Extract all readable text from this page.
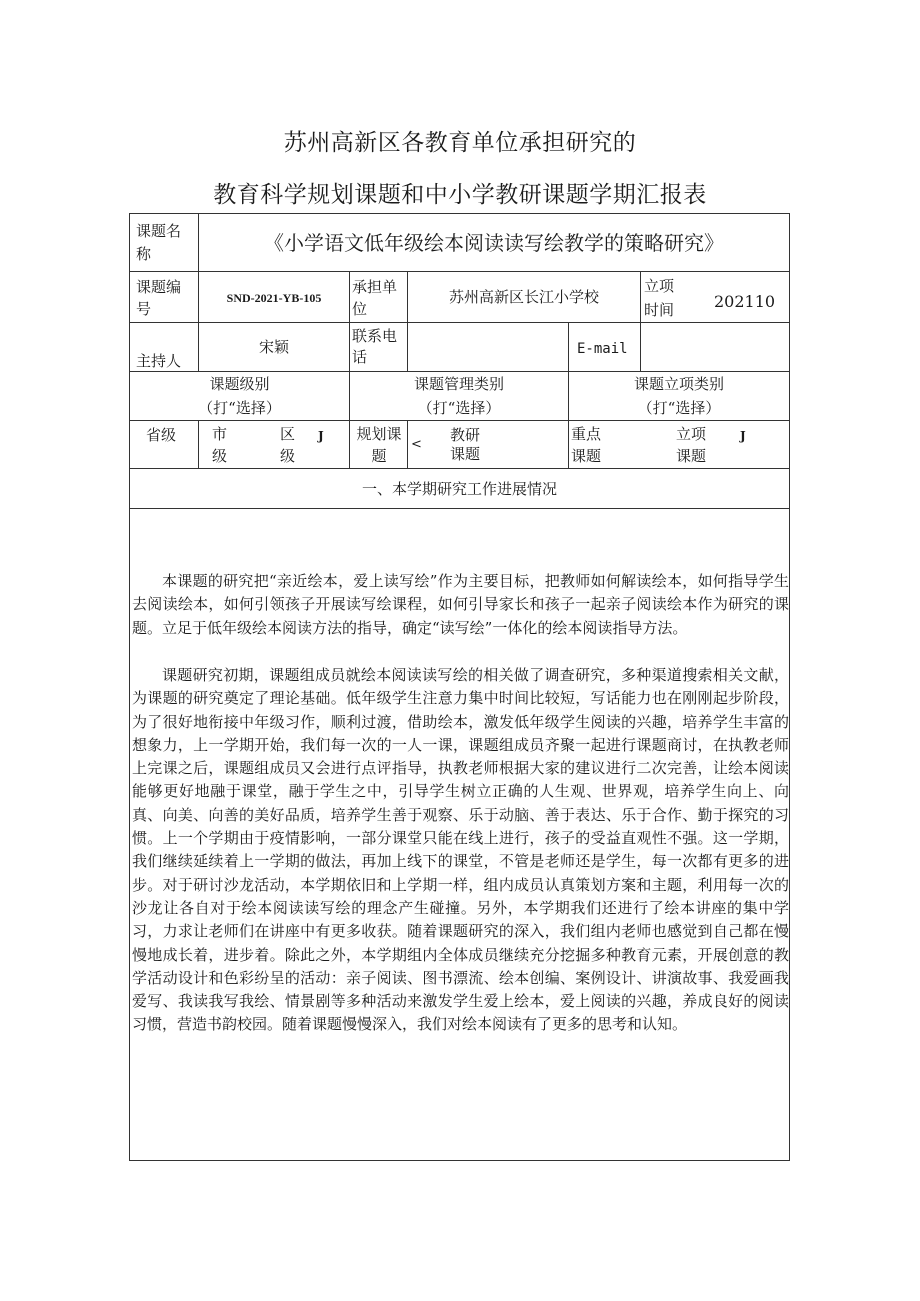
苏州高新区各教育单位承担研究的
教育科学规划课题和中小学教研课题学期汇报表
课题名称	《小学语文低年级绘本阅读读写绘教学的策略研究》
课题编号
SND-2021-YB-105
承担单位
苏州高新区长江小学校
立项时间 202110
主持人
宋颖
联系电话	E-mail
课题级别
（打“选择）
课题管理类别
（打“选择）
课题立项类别
（打“选择）
省级 市
级
区
级
J 规划课
题
<
教研
课题
重点
课题
立项
课题
J
一、本学期研究工作进展情况

本课题的研究把“亲近绘本，爱上读写绘”作为主要目标，把教师如何解读绘本，如何指导学生去阅读绘本，如何引领孩子开展读写绘课程，如何引导家长和孩子一起亲子阅读绘本作为研究的课题。立足于低年级绘本阅读方法的指导，确定“读写绘”一体化的绘本阅读指导方法。

课题研究初期，课题组成员就绘本阅读读写绘的相关做了调查研究，多种渠道搜索相关文献，为课题的研究奠定了理论基础。低年级学生注意力集中时间比较短，写话能力也在刚刚起步阶段，为了很好地衔接中年级习作，顺利过渡，借助绘本，激发低年级学生阅读的兴趣，培养学生丰富的想象力，上一学期开始，我们每一次的一人一课，课题组成员齐聚一起进行课题商讨，在执教老师上完课之后，课题组成员又会进行点评指导，执教老师根据大家的建议进行二次完善，让绘本阅读能够更好地融于课堂，融于学生之中，引导学生树立正确的人生观、世界观，培养学生向上、向真、向美、向善的美好品质，培养学生善于观察、乐于动脑、善于表达、乐于合作、勤于探究的习惯。上一个学期由于疫情影响，一部分课堂只能在线上进行，孩子的受益直观性不强。这一学期，我们继续延续着上一学期的做法，再加上线下的课堂，不管是老师还是学生，每一次都有更多的进步。对于研讨沙龙活动，本学期依旧和上学期一样，组内成员认真策划方案和主题，利用每一次的沙龙让各自对于绘本阅读读写绘的理念产生碰撞。另外，本学期我们还进行了绘本讲座的集中学习，力求让老师们在讲座中有更多收获。随着课题研究的深入，我们组内老师也感觉到自己都在慢慢地成长着，进步着。除此之外，本学期组内全体成员继续充分挖掘多种教育元素，开展创意的教学活动设计和色彩纷呈的活动：亲子阅读、图书漂流、绘本创编、案例设计、讲演故事、我爱画我爱写、我读我写我绘、情景剧等多种活动来激发学生爱上绘本，爱上阅读的兴趣，养成良好的阅读习惯，营造书韵校园。随着课题慢慢深入，我们对绘本阅读有了更多的思考和认知。
